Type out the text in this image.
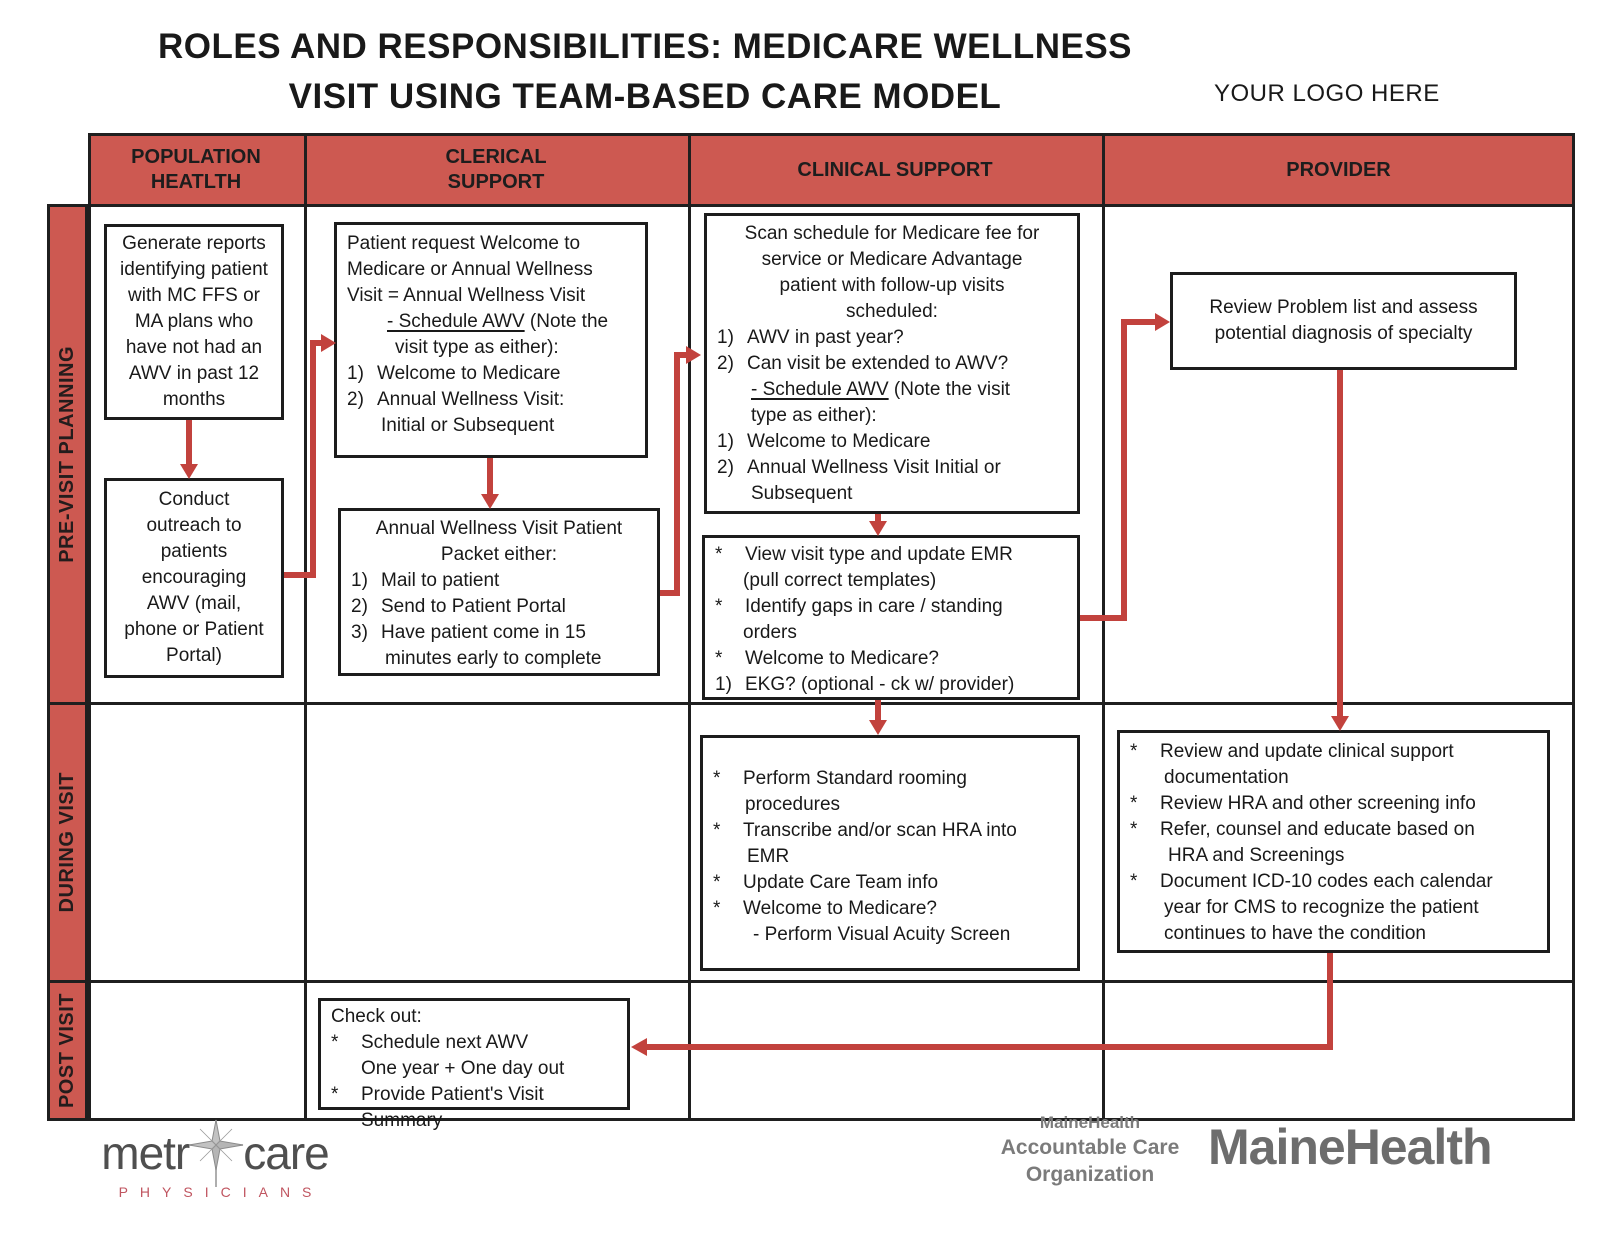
ROLES AND RESPONSIBILITIES: MEDICARE WELLNESS
VISIT USING TEAM-BASED CARE MODEL	YOUR LOGO HERE
POPULATION
HEATLTH
CLERICAL
SUPPORT
CLINICAL SUPPORT	PROVIDER
PRE-VISIT PLANNING
DURING VISIT
POST VISIT
Generate reports
identifying patient
with MC FFS or
MA plans who
have not had an
AWV in past 12
months
Conduct
outreach to
patients
encouraging
AWV (mail,
phone or Patient
Portal)
Patient request Welcome to
Medicare or Annual Wellness
Visit = Annual Wellness Visit
- Schedule AWV (Note the
visit type as either):
1) Welcome to Medicare
2) Annual Wellness Visit:
Initial or Subsequent
Annual Wellness Visit Patient
Packet either:
1) Mail to patient
2) Send to Patient Portal
3) Have patient come in 15
minutes early to complete
Scan schedule for Medicare fee for
service or Medicare Advantage
patient with follow-up visits
scheduled:
1) AWV in past year?
2) Can visit be extended to AWV?
- Schedule AWV (Note the visit
type as either):
1) Welcome to Medicare
2) Annual Wellness Visit Initial or
Subsequent
*	View visit type and update EMR
(pull correct templates)
*	Identify gaps in care / standing
orders
*	Welcome to Medicare?
1) EKG? (optional - ck w/ provider)
Review Problem list and assess potential diagnosis of specialty
*	Perform Standard rooming
procedures
*	Transcribe and/or scan HRA into
EMR
*	Update Care Team info
*	Welcome to Medicare?
- Perform Visual Acuity Screen
*	Review and update clinical support
documentation
*	Review HRA and other screening info
*	Refer, counsel and educate based on
HRA and Screenings
*	Document ICD-10 codes each calendar
year for CMS to recognize the patient
continues to have the condition
Check out:
*	Schedule next AWV
One year + One day out
*	Provide Patient's Visit Summary
metr care
PHYSICIANS
MaineHealth
Accountable Care
Organization	MaineHealth
